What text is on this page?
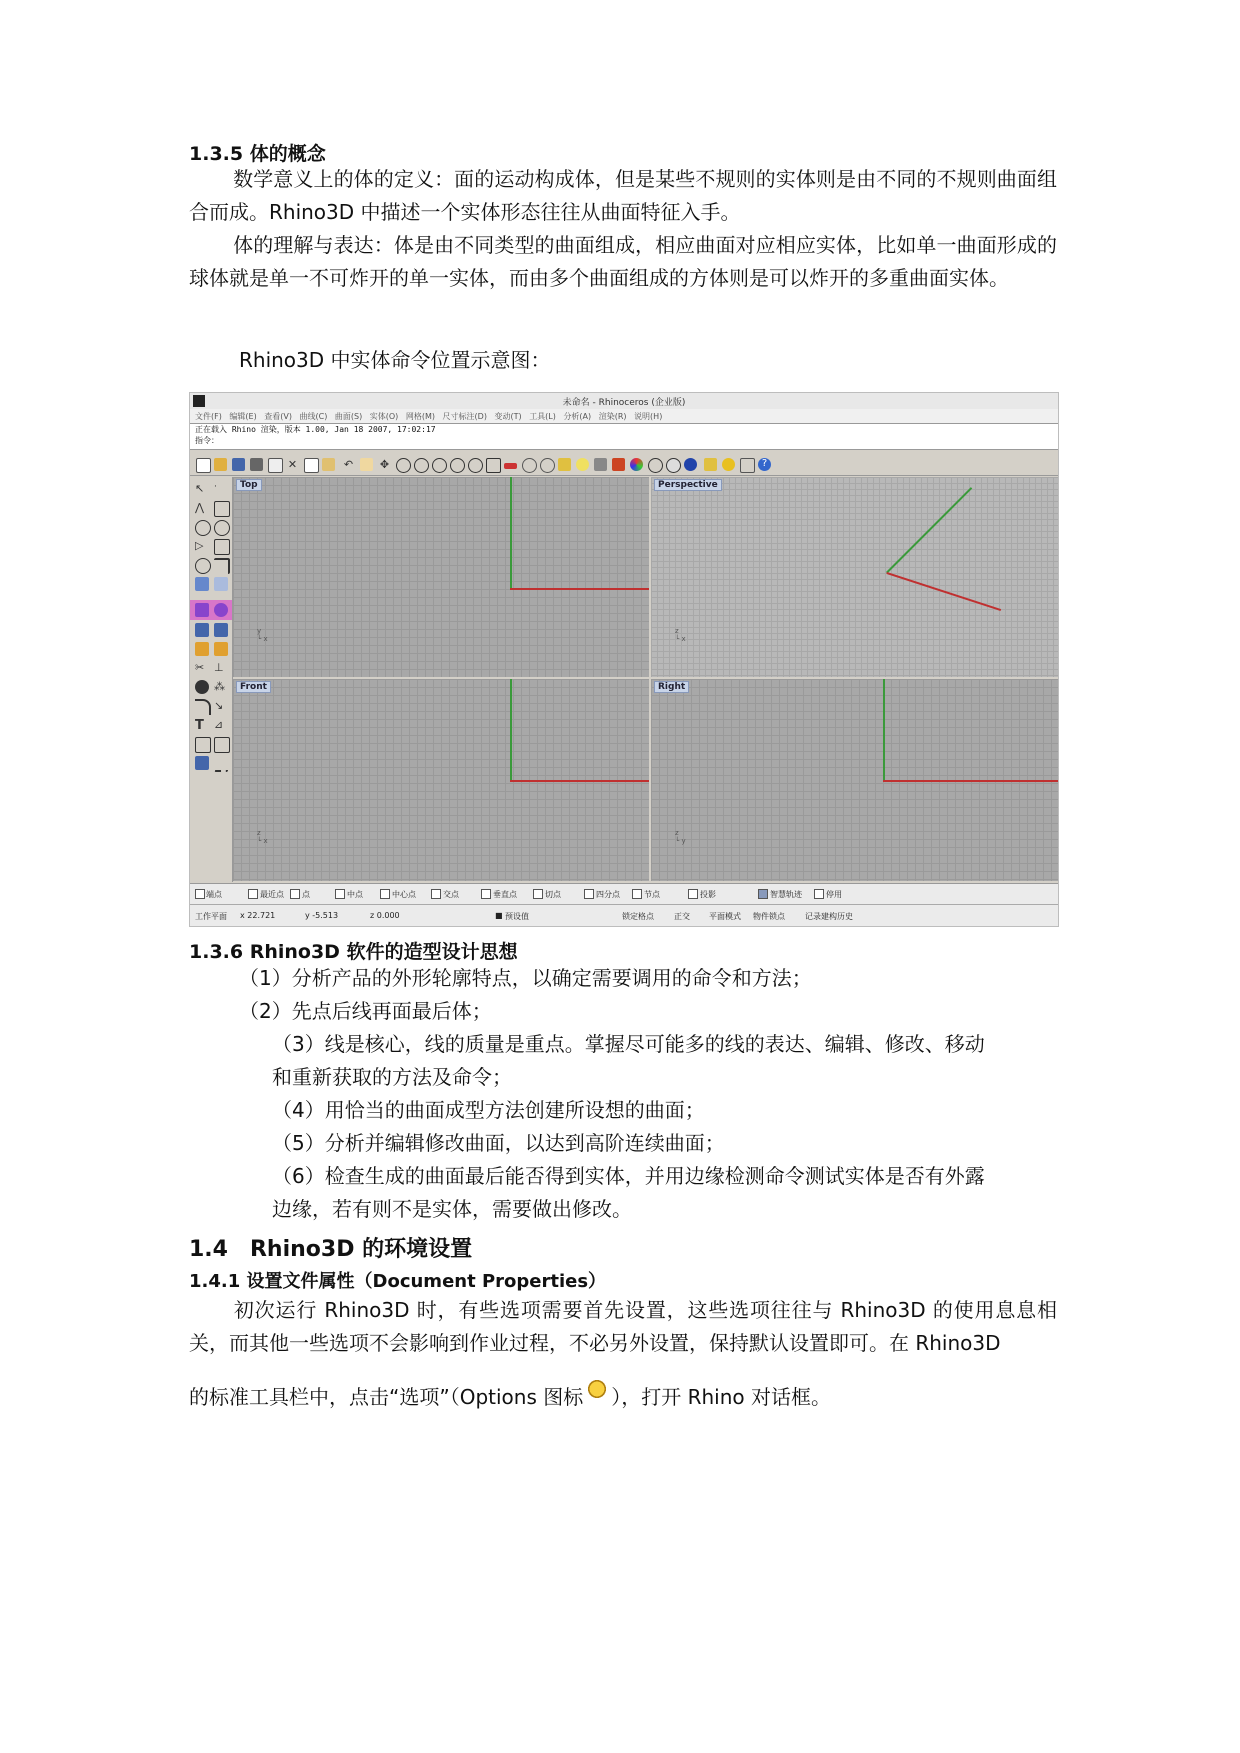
1.3.5 体的概念
数学意义上的体的定义：面的运动构成体，但是某些不规则的实体则是由不同的不规则曲面组合而成。Rhino3D 中描述一个实体形态往往从曲面特征入手。
体的理解与表达：体是由不同类型的曲面组成，相应曲面对应相应实体，比如单一曲面形成的球体就是单一不可炸开的单一实体，而由多个曲面组成的方体则是可以炸开的多重曲面实体。
Rhino3D 中实体命令位置示意图：
未命名 - Rhinoceros (企业版)
文件(F) 编辑(E) 查看(V) 曲线(C) 曲面(S) 实体(O) 网格(M) 尺寸标注(D) 变动(T) 工具(L) 分析(A) 渲染(R) 说明(H)
正在载入 Rhino 渲染，版本 1.00, Jan 18 2007, 17:02:17
指令：
✕	↶ ✥	?
↖	·
⋀
▷
✂ ⊥
⁂
↘
T ⊿
Top
y
└ x
Perspective
z
└ x
Front
z
└ x
Right
z
└ y
端点	最近点 点	中点	中心点	交点	垂直点	切点	四分点	节点	投影	智慧轨迹	停用
工作平面 x 22.721	y -5.513	z 0.000	■ 预设值	锁定格点	正交 平面模式 物件锁点	记录建构历史
1.3.6 Rhino3D 软件的造型设计思想
（1）分析产品的外形轮廓特点，以确定需要调用的命令和方法；
（2）先点后线再面最后体；
（3）线是核心，线的质量是重点。掌握尽可能多的线的表达、编辑、修改、移动
和重新获取的方法及命令；
（4）用恰当的曲面成型方法创建所设想的曲面；
（5）分析并编辑修改曲面，以达到高阶连续曲面；
（6）检查生成的曲面最后能否得到实体，并用边缘检测命令测试实体是否有外露
边缘，若有则不是实体，需要做出修改。
1.4　Rhino3D 的环境设置
1.4.1 设置文件属性（Document Properties）
初次运行 Rhino3D 时，有些选项需要首先设置，这些选项往往与 Rhino3D 的使用息息相关，而其他一些选项不会影响到作业过程，不必另外设置，保持默认设置即可。在 Rhino3D
的标准工具栏中，点击“选项”（Options 图标 ），打开 Rhino 对话框。
